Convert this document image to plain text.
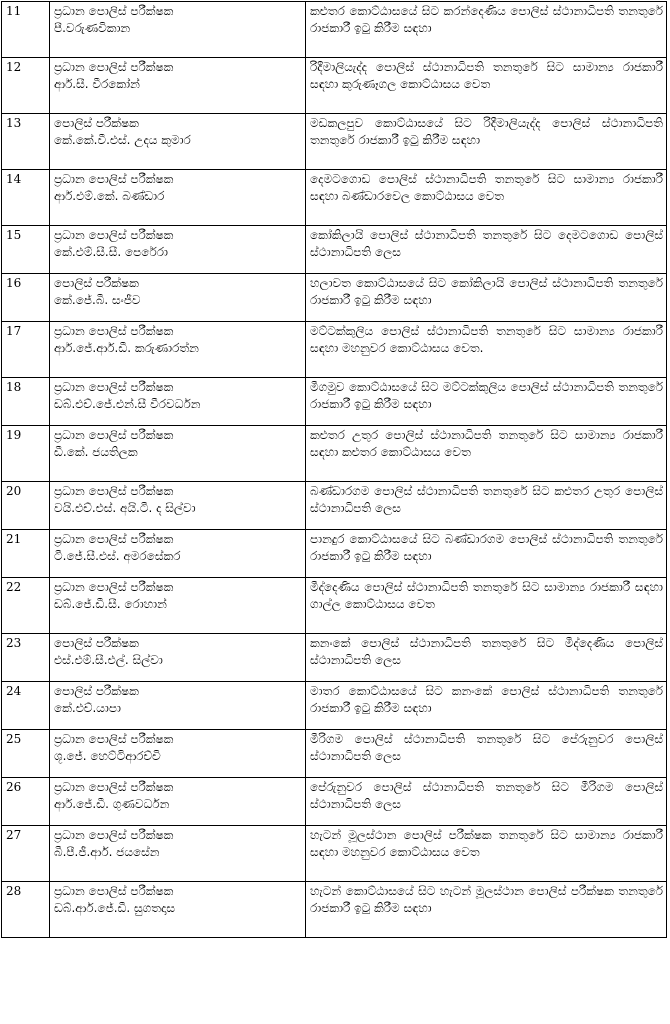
11	ප්‍රධාන පොලිස් පරීක්ෂක
පී.වරුණවිකාන	කළුතර කොට්ඨාසයේ සිට කරන්දෙණිය පොලිස් ස්ථානාධිපති තනතුරේ රාජකාරී ඉටු කිරීම සඳහා
12	ප්‍රධාන පොලිස් පරීක්ෂක
ආර්.සී. වීරකෝන්	රිදීමාලියැද්ද පොලිස් ස්ථානාධිපති තනතුරේ සිට සාමාන්‍ය රාජකාරී සඳහා කුරුණෑගල කොට්ඨාසය වෙත
13	පොලිස් පරීක්ෂක
කේ.කේ.වී.එස්. උදය කුමාර	මඩකලපුව කොට්ඨාසයේ සිට රිදීමාලියැද්ද පොලිස් ස්ථානාධිපති තනතුරේ රාජකාරී ඉටු කිරීම සඳහා
14	ප්‍රධාන පොලිස් පරීක්ෂක
ආර්.එම්.කේ. බණ්ඩාර	දෙමටගොඩ පොලිස් ස්ථානාධිපති තනතුරේ සිට සාමාන්‍ය රාජකාරී සඳහා බණ්ඩාරවෙල කොට්ඨාසය වෙත
15	ප්‍රධාන පොලිස් පරීක්ෂක
කේ.එම්.සී.සී. පෙරේරා	කෝකිලායි පොලිස් ස්ථානාධිපති තනතුරේ සිට දෙමටගොඩ පොලිස් ස්ථානාධිපති ලෙස
16	පොලිස් පරීක්ෂක
කේ.ජේ.බී. සංජීව	හලාවත කොට්ඨාසයේ සිට කෝකිලායි පොලිස් ස්ථානාධිපති තනතුරේ රාජකාරී ඉටු කිරීම සඳහා
17	ප්‍රධාන පොලිස් පරීක්ෂක
ආර්.ජේ.ආර්.ඩී. කරුණාරත්න	මට්ටක්කුලිය පොලිස් ස්ථානාධිපති තනතුරේ සිට සාමාන්‍ය රාජකාරී සඳහා මහනුවර කොට්ඨාසය වෙත.
18	ප්‍රධාන පොලිස් පරීක්ෂක
ඩබ්.එච්.ජේ.එන්.සී වීරවර්ධන	මීගමුව කොට්ඨාසයේ සිට මට්ටක්කුලිය පොලිස් ස්ථානාධිපති තනතුරේ රාජකාරී ඉටු කිරීම සඳහා
19	ප්‍රධාන පොලිස් පරීක්ෂක
ඩී.කේ. ජයතිලක	කළුතර උතුර පොලිස් ස්ථානාධිපති තනතුරේ සිට සාමාන්‍ය රාජකාරී සඳහා කළුතර කොට්ඨාසය වෙත
20	ප්‍රධාන පොලිස් පරීක්ෂක
වයි.එච්.එස්. අයි.ටී. ද සිල්වා	බණ්ඩාරගම පොලිස් ස්ථානාධිපති තනතුරේ සිට කළුතර උතුර පොලිස් ස්ථානාධිපති ලෙස
21	ප්‍රධාන පොලිස් පරීක්ෂක
ටී.ජේ.සී.එස්. අමරසේකර	පානදුර කොට්ඨාසයේ සිට බණ්ඩාරගම පොලිස් ස්ථානාධිපති තනතුරේ රාජකාරී ඉටු කිරීම සඳහා
22	ප්‍රධාන පොලිස් පරීක්ෂක
ඩබ්.ජේ.ඩී.සී. රොහාන්	මීද්දෙණිය පොලිස් ස්ථානාධිපති තනතුරේ සිට සාමාන්‍ය රාජකාරී සඳහා ගාල්ල කොට්ඨාසය වෙත
23	පොලිස් පරීක්ෂක
එස්.එම්.සී.එල්. සිල්වා	කනංකේ පොලිස් ස්ථානාධිපති තනතුරේ සිට මීද්දෙණිය පොලිස් ස්ථානාධිපති ලෙස
24	පොලිස් පරීක්ෂක
කේ.එච්.යාපා	මාතර කොට්ඨාසයේ සිට කනංකේ පොලිස් ස්ථානාධිපති තනතුරේ රාජකාරී ඉටු කිරීම සඳහා
25	ප්‍රධාන පොලිස් පරීක්ෂක
ශූ.ජේ. හෙට්ටිආරච්චි	මීරිගම පොලිස් ස්ථානාධිපති තනතුරේ සිට පේරුනුවර පොලිස් ස්ථානාධිපති ලෙස
26	ප්‍රධාන පොලිස් පරීක්ෂක
ආර්.ජේ.ඩී. ගුණවර්ධන	පේරුනුවර පොලිස් ස්ථානාධිපති තනතුරේ සිට මීරිගම පොලිස් ස්ථානාධිපති ලෙස
27	ප්‍රධාන පොලිස් පරීක්ෂක
බී.පී.ජී.ආර්. ජයසේන	හැටන් මූලස්ථාන පොලිස් පරීක්ෂක තනතුරේ සිට සාමාන්‍ය රාජකාරී සඳහා මහනුවර කොට්ඨාසය වෙත
28	ප්‍රධාන පොලිස් පරීක්ෂක
ඩබ්.ආර්.ජේ.ඩී. සුගතදාස	හැටන් කොට්ඨාසයේ සිට හැටන් මූලස්ථාන පොලිස් පරීක්ෂක තනතුරේ රාජකාරී ඉටු කිරීම සඳහා
